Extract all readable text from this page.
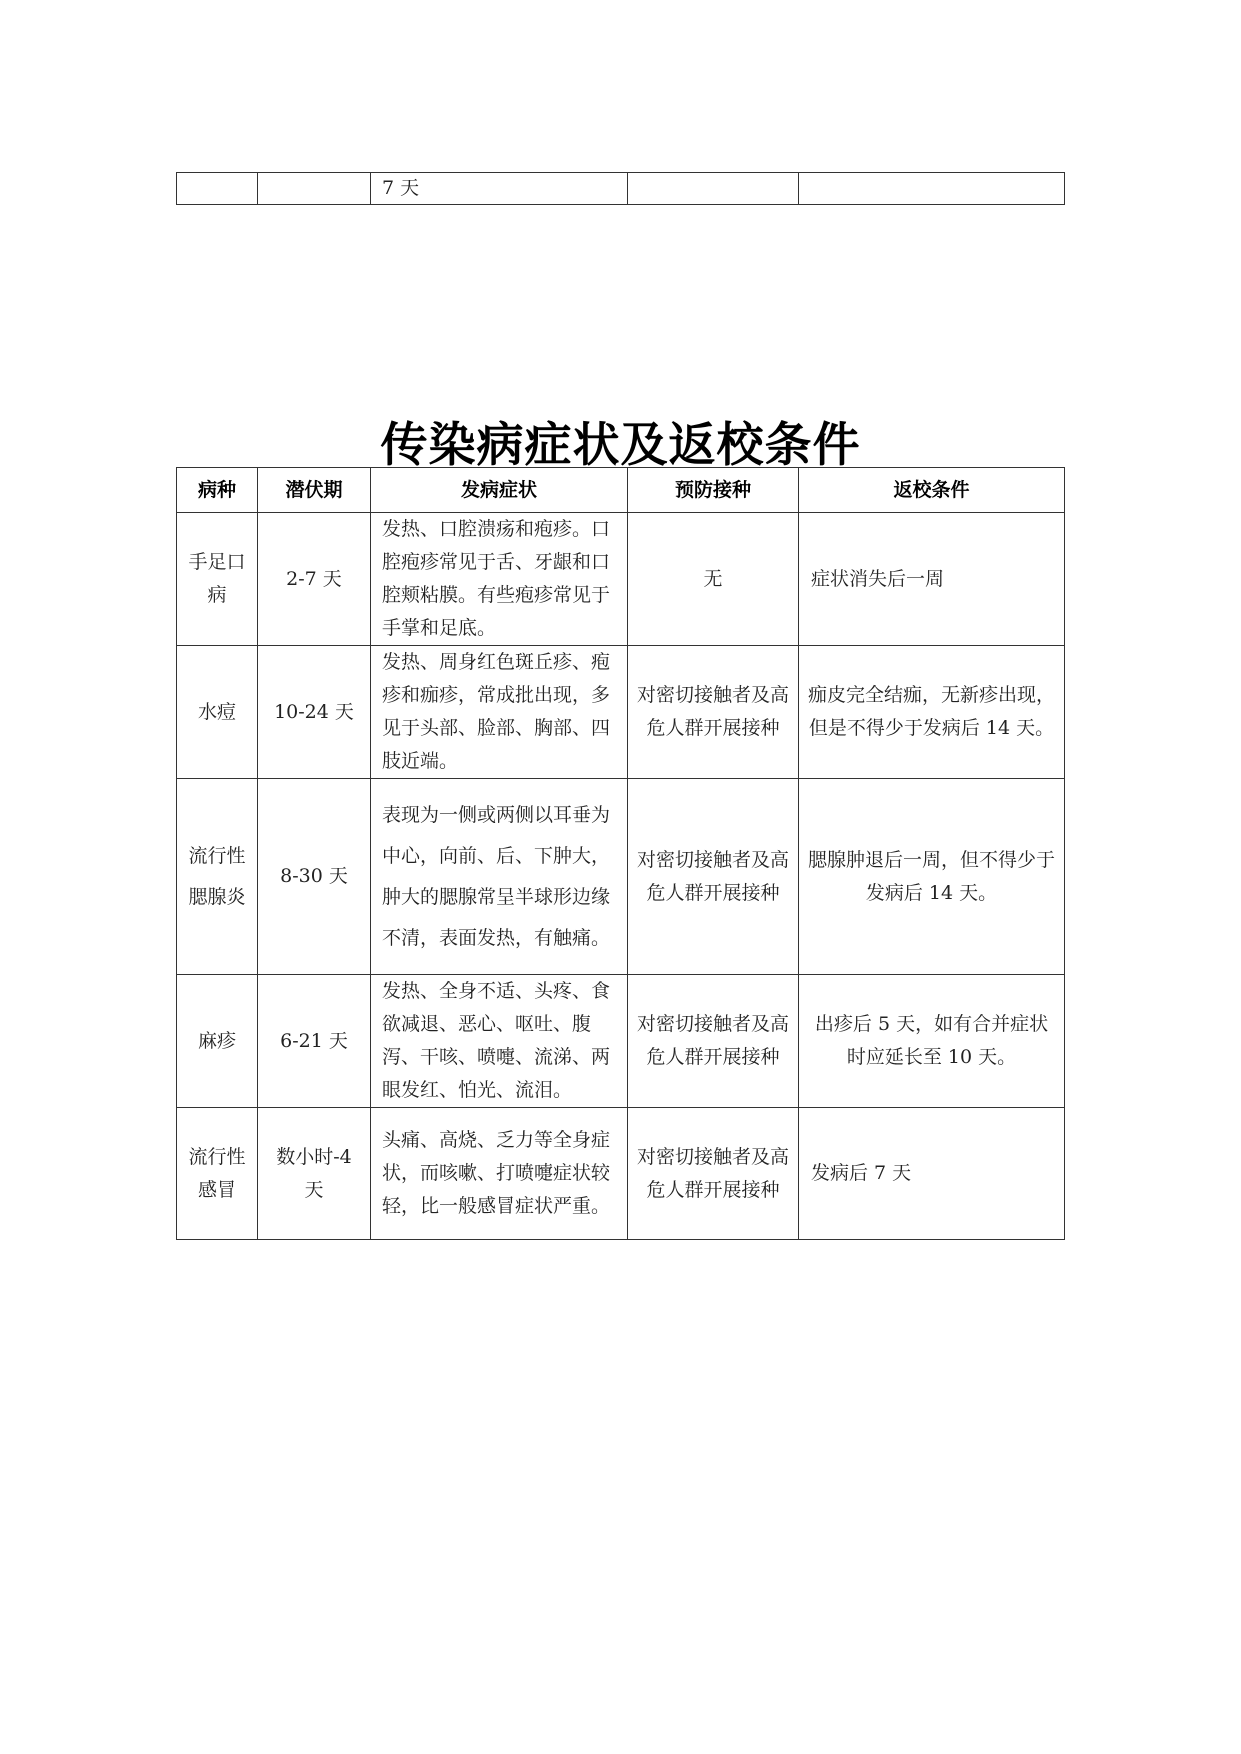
		7 天		
传染病症状及返校条件
病种	潜伏期	发病症状	预防接种	返校条件
手足口病	2-7 天	发热、口腔溃疡和疱疹。口腔疱疹常见于舌、牙龈和口腔颊粘膜。有些疱疹常见于手掌和足底。	无	症状消失后一周
水痘	10-24 天	发热、周身红色斑丘疹、疱疹和痂疹，常成批出现，多见于头部、脸部、胸部、四肢近端。	对密切接触者及高危人群开展接种	痂皮完全结痂，无新疹出现，但是不得少于发病后 14 天。
流行性腮腺炎	8-30 天	表现为一侧或两侧以耳垂为中心，向前、后、下肿大，肿大的腮腺常呈半球形边缘不清，表面发热，有触痛。	对密切接触者及高危人群开展接种	腮腺肿退后一周，但不得少于发病后 14 天。
麻疹	6-21 天	发热、全身不适、头疼、食欲减退、恶心、呕吐、腹泻、干咳、喷嚏、流涕、两眼发红、怕光、流泪。	对密切接触者及高危人群开展接种	出疹后 5 天，如有合并症状时应延长至 10 天。
流行性感冒	数小时-4 天	头痛、高烧、乏力等全身症状，而咳嗽、打喷嚏症状较轻，比一般感冒症状严重。	对密切接触者及高危人群开展接种	发病后 7 天
